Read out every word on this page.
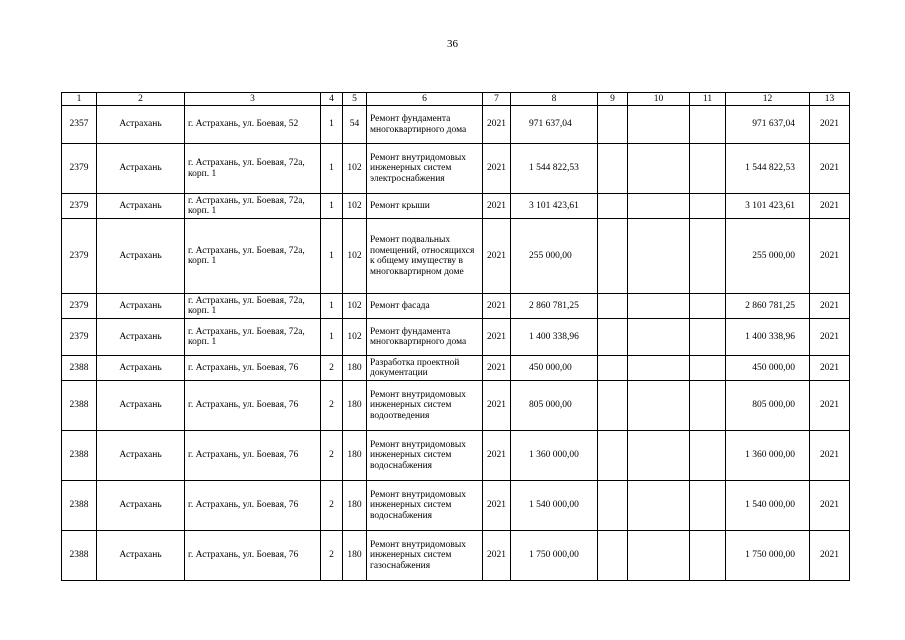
36
1	2	3	4	5	6	7	8	9	10	11	12	13
2357	Астрахань	г. Астрахань, ул. Боевая, 52	1	54	Ремонт фундамента многоквартирного дома	2021	971 637,04				971 637,04	2021
2379	Астрахань	г. Астрахань, ул. Боевая, 72а, корп. 1	1	102	Ремонт внутридомовых инженерных систем электроснабжения	2021	1 544 822,53				1 544 822,53	2021
2379	Астрахань	г. Астрахань, ул. Боевая, 72а, корп. 1	1	102	Ремонт крыши	2021	3 101 423,61				3 101 423,61	2021
2379	Астрахань	г. Астрахань, ул. Боевая, 72а, корп. 1	1	102	Ремонт подвальных помещений, относящихся к общему имуществу в многоквартирном доме	2021	255 000,00				255 000,00	2021
2379	Астрахань	г. Астрахань, ул. Боевая, 72а, корп. 1	1	102	Ремонт фасада	2021	2 860 781,25				2 860 781,25	2021
2379	Астрахань	г. Астрахань, ул. Боевая, 72а, корп. 1	1	102	Ремонт фундамента многоквартирного дома	2021	1 400 338,96				1 400 338,96	2021
2388	Астрахань	г. Астрахань, ул. Боевая, 76	2	180	Разработка проектной документации	2021	450 000,00				450 000,00	2021
2388	Астрахань	г. Астрахань, ул. Боевая, 76	2	180	Ремонт внутридомовых инженерных систем водоотведения	2021	805 000,00				805 000,00	2021
2388	Астрахань	г. Астрахань, ул. Боевая, 76	2	180	Ремонт внутридомовых инженерных систем водоснабжения	2021	1 360 000,00				1 360 000,00	2021
2388	Астрахань	г. Астрахань, ул. Боевая, 76	2	180	Ремонт внутридомовых инженерных систем водоснабжения	2021	1 540 000,00				1 540 000,00	2021
2388	Астрахань	г. Астрахань, ул. Боевая, 76	2	180	Ремонт внутридомовых инженерных систем газоснабжения	2021	1 750 000,00				1 750 000,00	2021
